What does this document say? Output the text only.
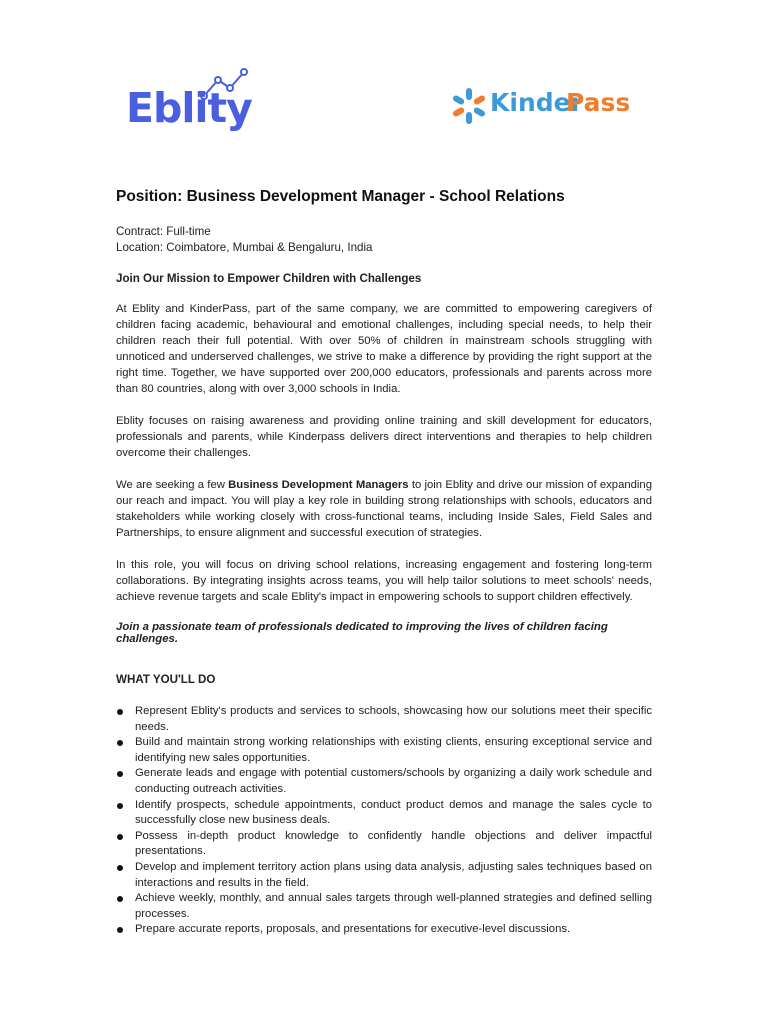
Eblity	Kinder
Pass
Position: Business Development Manager - School Relations
Contract: Full-time
Location: Coimbatore, Mumbai & Bengaluru, India
Join Our Mission to Empower Children with Challenges

At Eblity and KinderPass, part of the same company, we are committed to empowering caregivers of children facing academic, behavioural and emotional challenges, including special needs, to help their children reach their full potential. With over 50% of children in mainstream schools struggling with unnoticed and underserved challenges, we strive to make a difference by providing the right support at the right time. Together, we have supported over 200,000 educators, professionals and parents across more than 80 countries, along with over 3,000 schools in India.

Eblity focuses on raising awareness and providing online training and skill development for educators, professionals and parents, while Kinderpass delivers direct interventions and therapies to help children overcome their challenges.

We are seeking a few Business Development Managers to join Eblity and drive our mission of expanding our reach and impact. You will play a key role in building strong relationships with schools, educators and stakeholders while working closely with cross-functional teams, including Inside Sales, Field Sales and Partnerships, to ensure alignment and successful execution of strategies.

In this role, you will focus on driving school relations, increasing engagement and fostering long-term collaborations. By integrating insights across teams, you will help tailor solutions to meet schools' needs, achieve revenue targets and scale Eblity's impact in empowering schools to support children effectively.

Join a passionate team of professionals dedicated to improving the lives of children facing challenges.

WHAT YOU'LL DO
Represent Eblity's products and services to schools, showcasing how our solutions meet their specific needs.
Build and maintain strong working relationships with existing clients, ensuring exceptional service and identifying new sales opportunities.
Generate leads and engage with potential customers/schools by organizing a daily work schedule and conducting outreach activities.
Identify prospects, schedule appointments, conduct product demos and manage the sales cycle to successfully close new business deals.
Possess in-depth product knowledge to confidently handle objections and deliver impactful presentations.
Develop and implement territory action plans using data analysis, adjusting sales techniques based on interactions and results in the field.
Achieve weekly, monthly, and annual sales targets through well-planned strategies and defined selling processes.
Prepare accurate reports, proposals, and presentations for executive-level discussions.
